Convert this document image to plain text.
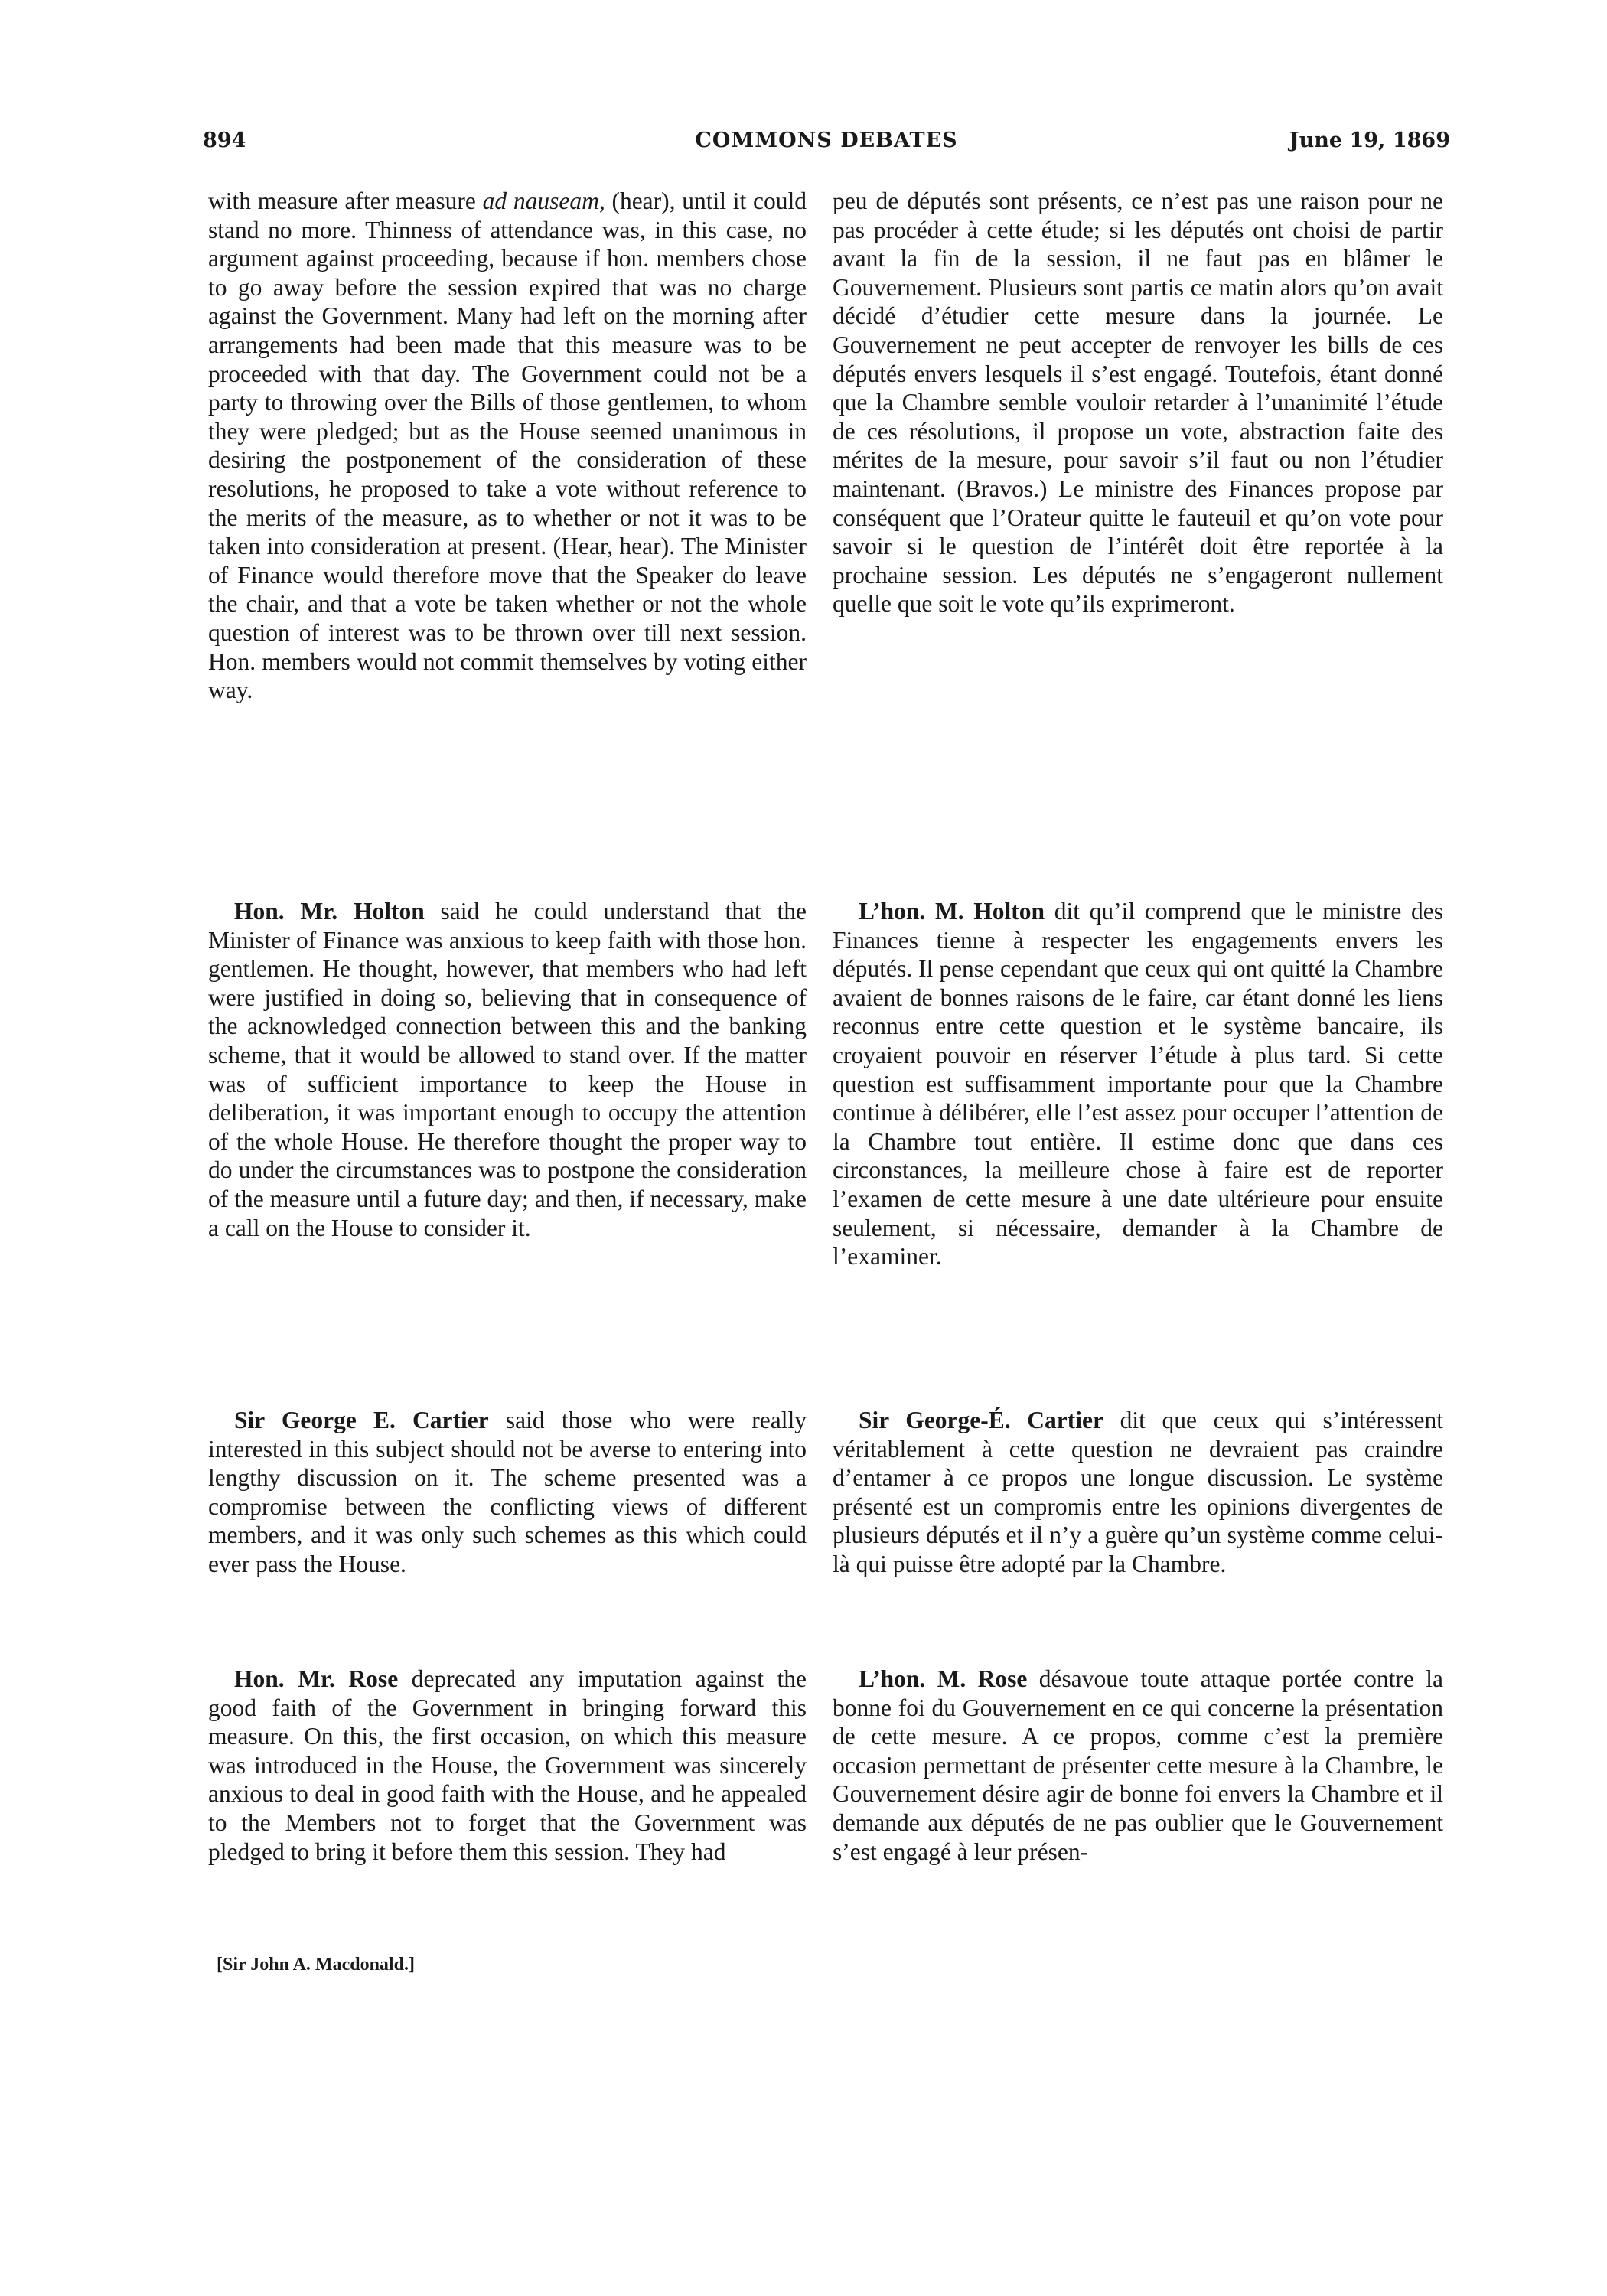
894	COMMONS DEBATES	June 19, 1869

with measure after measure ad nauseam, (hear), until it could stand no more. Thinness of attendance was, in this case, no argument against proceeding, because if hon. members chose to go away before the session expired that was no charge against the Government. Many had left on the morning after arrangements had been made that this measure was to be proceeded with that day. The Government could not be a party to throwing over the Bills of those gentlemen, to whom they were pledged; but as the House seemed unanimous in desiring the postponement of the consideration of these resolutions, he proposed to take a vote without reference to the merits of the measure, as to whether or not it was to be taken into consideration at present. (Hear, hear). The Minister of Finance would therefore move that the Speaker do leave the chair, and that a vote be taken whether or not the whole question of interest was to be thrown over till next session. Hon. members would not commit themselves by voting either way.

Hon. Mr. Holton said he could understand that the Minister of Finance was anxious to keep faith with those hon. gentlemen. He thought, however, that members who had left were justified in doing so, believing that in consequence of the acknowledged connection between this and the banking scheme, that it would be allowed to stand over. If the matter was of sufficient importance to keep the House in deliberation, it was important enough to occupy the attention of the whole House. He therefore thought the proper way to do under the circumstances was to postpone the consideration of the measure until a future day; and then, if necessary, make a call on the House to consider it.

Sir George E. Cartier said those who were really interested in this subject should not be averse to entering into lengthy discussion on it. The scheme presented was a compromise between the conflicting views of different members, and it was only such schemes as this which could ever pass the House.

Hon. Mr. Rose deprecated any imputation against the good faith of the Government in bringing forward this measure. On this, the first occasion, on which this measure was introduced in the House, the Government was sincerely anxious to deal in good faith with the House, and he appealed to the Members not to forget that the Government was pledged to bring it before them this session. They had

peu de députés sont présents, ce n’est pas une raison pour ne pas procéder à cette étude; si les députés ont choisi de partir avant la fin de la session, il ne faut pas en blâmer le Gouvernement. Plusieurs sont partis ce matin alors qu’on avait décidé d’étudier cette mesure dans la journée. Le Gouvernement ne peut accepter de renvoyer les bills de ces députés envers lesquels il s’est engagé. Toutefois, étant donné que la Chambre semble vouloir retarder à l’unanimité l’étude de ces résolutions, il propose un vote, abstraction faite des mérites de la mesure, pour savoir s’il faut ou non l’étudier maintenant. (Bravos.) Le ministre des Finances propose par conséquent que l’Orateur quitte le fauteuil et qu’on vote pour savoir si le question de l’intérêt doit être reportée à la prochaine session. Les députés ne s’engageront nullement quelle que soit le vote qu’ils exprimeront.

L’hon. M. Holton dit qu’il comprend que le ministre des Finances tienne à respecter les engagements envers les députés. Il pense cependant que ceux qui ont quitté la Chambre avaient de bonnes raisons de le faire, car étant donné les liens reconnus entre cette question et le système bancaire, ils croyaient pouvoir en réserver l’étude à plus tard. Si cette question est suffisamment importante pour que la Chambre continue à délibérer, elle l’est assez pour occuper l’attention de la Chambre tout entière. Il estime donc que dans ces circonstances, la meilleure chose à faire est de reporter l’examen de cette mesure à une date ultérieure pour ensuite seulement, si nécessaire, demander à la Chambre de l’examiner.

Sir George-É. Cartier dit que ceux qui s’intéressent véritablement à cette question ne devraient pas craindre d’entamer à ce propos une longue discussion. Le système présenté est un compromis entre les opinions divergentes de plusieurs députés et il n’y a guère qu’un système comme celui-là qui puisse être adopté par la Chambre.

L’hon. M. Rose désavoue toute attaque portée contre la bonne foi du Gouvernement en ce qui concerne la présentation de cette mesure. A ce propos, comme c’est la première occasion permettant de présenter cette mesure à la Chambre, le Gouvernement désire agir de bonne foi envers la Chambre et il demande aux députés de ne pas oublier que le Gouvernement s’est engagé à leur présen-

[Sir John A. Macdonald.]
